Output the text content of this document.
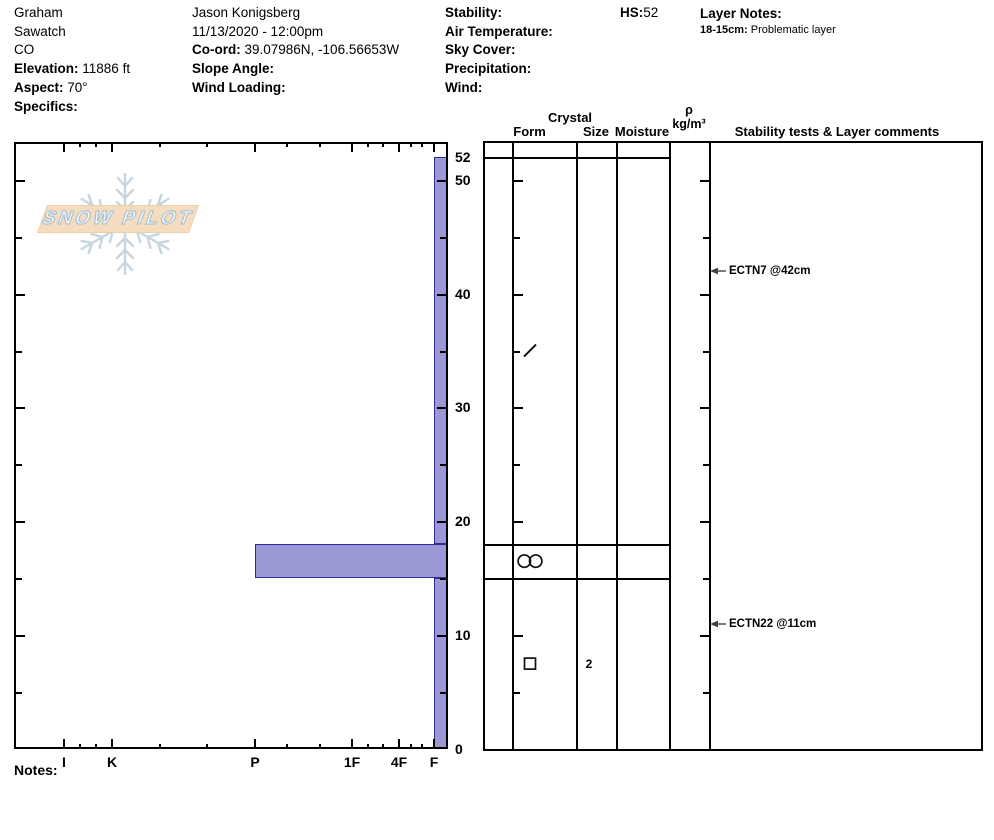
Graham
Sawatch
CO
Elevation: 11886 ft
Aspect: 70°
Specifics:
Jason Konigsberg
11/13/2020 - 12:00pm
Co-ord: 39.07986N, -106.56653W
Slope Angle:
Wind Loading:
Stability:
Air Temperature:
Sky Cover:
Precipitation:
Wind:
HS:52	Layer Notes:
18-15cm: Problematic layer
Crystal
Form	Size Moisture
ρ
kg/m³	Stability tests & Layer comments
SNOW PILOT
I	K	P	1F	4F	F
52
50
40
30
20
10
0
ECTN7 @42cm
ECTN22 @11cm
Notes:
2
